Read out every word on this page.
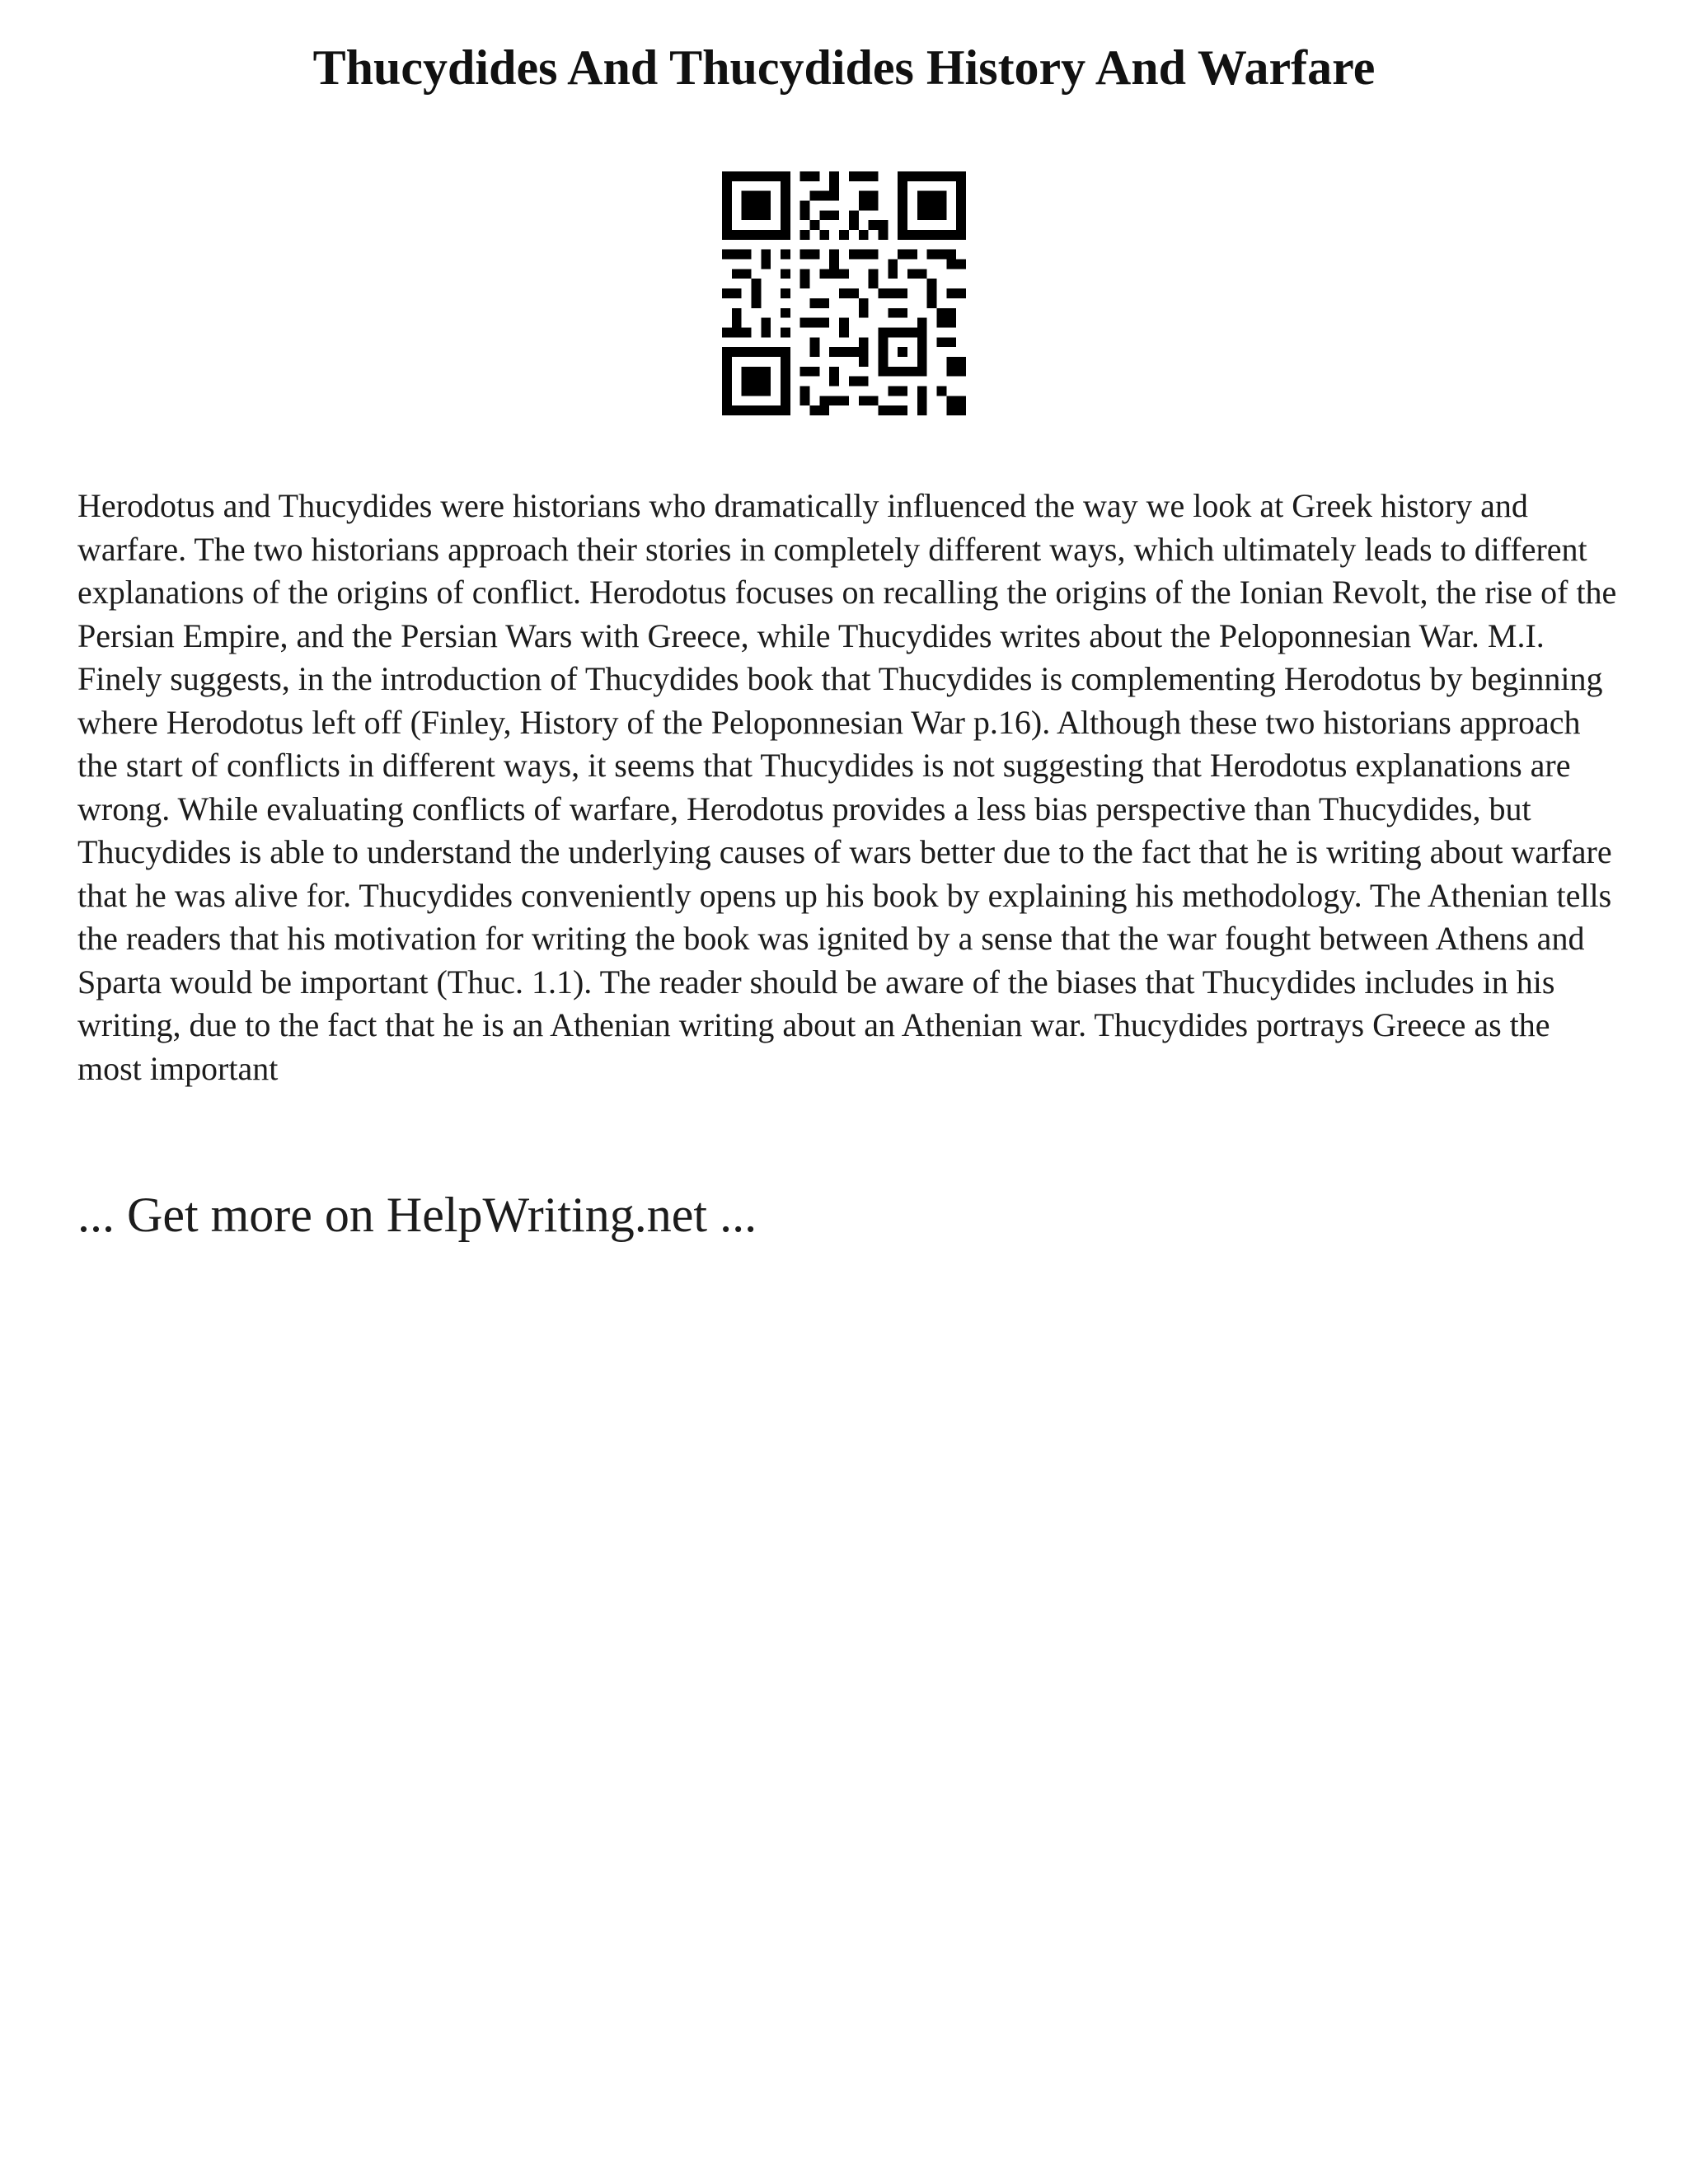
Thucydides And Thucydides History And Warfare

Herodotus and Thucydides were historians who dramatically influenced the way we look at Greek history and warfare. The two historians approach their stories in completely different ways, which ultimately leads to different explanations of the origins of conflict. Herodotus focuses on recalling the origins of the Ionian Revolt, the rise of the Persian Empire, and the Persian Wars with Greece, while Thucydides writes about the Peloponnesian War. M.I. Finely suggests, in the introduction of Thucydides book that Thucydides is complementing Herodotus by beginning where Herodotus left off (Finley, History of the Peloponnesian War p.16). Although these two historians approach the start of conflicts in different ways, it seems that Thucydides is not suggesting that Herodotus explanations are wrong. While evaluating conflicts of warfare, Herodotus provides a less bias perspective than Thucydides, but Thucydides is able to understand the underlying causes of wars better due to the fact that he is writing about warfare that he was alive for. Thucydides conveniently opens up his book by explaining his methodology. The Athenian tells the readers that his motivation for writing the book was ignited by a sense that the war fought between Athens and Sparta would be important (Thuc. 1.1). The reader should be aware of the biases that Thucydides includes in his writing, due to the fact that he is an Athenian writing about an Athenian war. Thucydides portrays Greece as the most important

... Get more on HelpWriting.net ...
